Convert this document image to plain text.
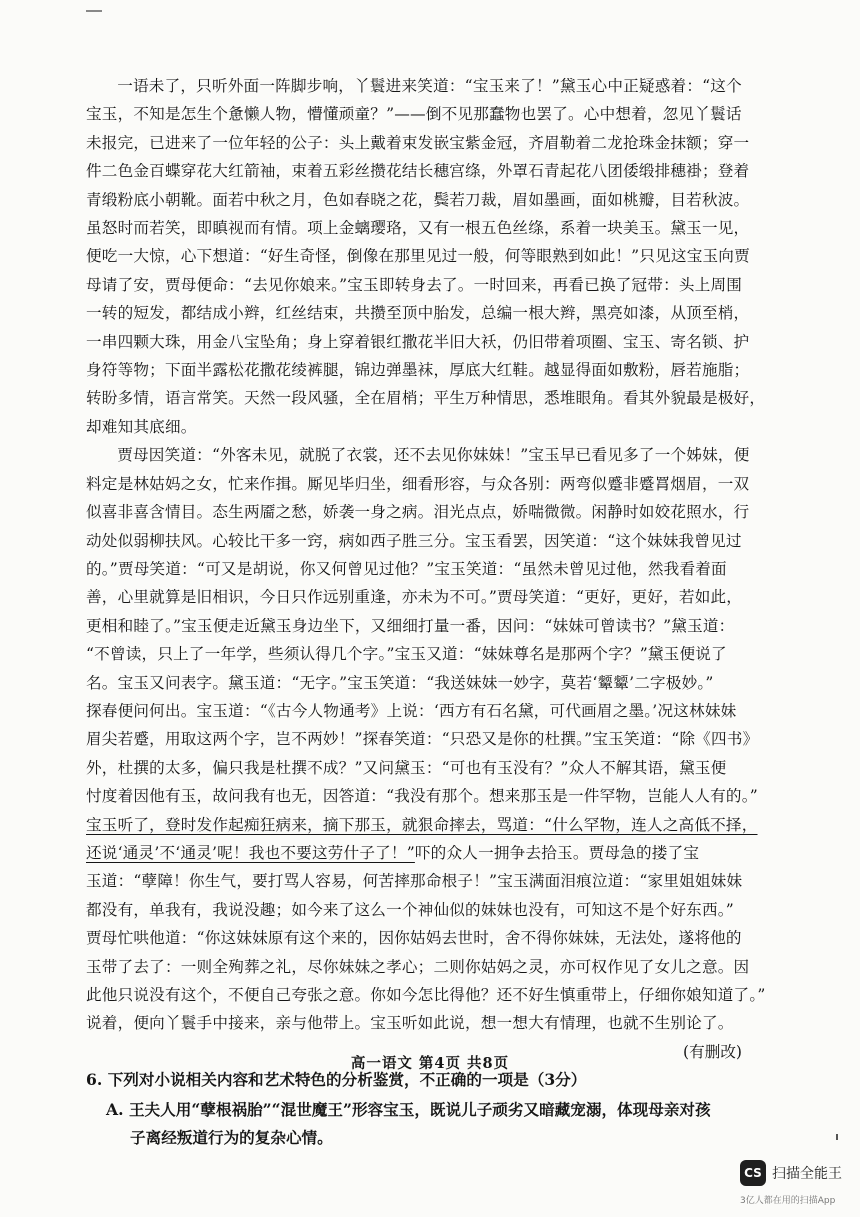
一语未了，只听外面一阵脚步响，丫鬟进来笑道：“宝玉来了！”黛玉心中正疑惑着：“这个
宝玉，不知是怎生个惫懒人物，懵懂顽童？”——倒不见那蠢物也罢了。心中想着，忽见丫鬟话
未报完，已进来了一位年轻的公子：头上戴着束发嵌宝紫金冠，齐眉勒着二龙抢珠金抹额；穿一
件二色金百蝶穿花大红箭袖，束着五彩丝攒花结长穗宫绦，外罩石青起花八团倭缎排穗褂；登着
青缎粉底小朝靴。面若中秋之月，色如春晓之花，鬓若刀裁，眉如墨画，面如桃瓣，目若秋波。
虽怒时而若笑，即瞋视而有情。项上金螭璎珞，又有一根五色丝绦，系着一块美玉。黛玉一见，
便吃一大惊，心下想道：“好生奇怪，倒像在那里见过一般，何等眼熟到如此！”只见这宝玉向贾
母请了安，贾母便命：“去见你娘来。”宝玉即转身去了。一时回来，再看已换了冠带：头上周围
一转的短发，都结成小辫，红丝结束，共攒至顶中胎发，总编一根大辫，黑亮如漆，从顶至梢，
一串四颗大珠，用金八宝坠角；身上穿着银红撒花半旧大袄，仍旧带着项圈、宝玉、寄名锁、护
身符等物；下面半露松花撒花绫裤腿，锦边弹墨袜，厚底大红鞋。越显得面如敷粉，唇若施脂；
转盼多情，语言常笑。天然一段风骚，全在眉梢；平生万种情思，悉堆眼角。看其外貌最是极好，
却难知其底细。

贾母因笑道：“外客未见，就脱了衣裳，还不去见你妹妹！”宝玉早已看见多了一个姊妹，便
料定是林姑妈之女，忙来作揖。厮见毕归坐，细看形容，与众各别：两弯似蹙非蹙罥烟眉，一双
似喜非喜含情目。态生两靥之愁，娇袭一身之病。泪光点点，娇喘微微。闲静时如姣花照水，行
动处似弱柳扶风。心较比干多一窍，病如西子胜三分。宝玉看罢，因笑道：“这个妹妹我曾见过
的。”贾母笑道：“可又是胡说，你又何曾见过他？”宝玉笑道：“虽然未曾见过他，然我看着面
善，心里就算是旧相识，今日只作远别重逢，亦未为不可。”贾母笑道：“更好，更好，若如此，
更相和睦了。”宝玉便走近黛玉身边坐下，又细细打量一番，因问：“妹妹可曾读书？”黛玉道：
“不曾读，只上了一年学，些须认得几个字。”宝玉又道：“妹妹尊名是那两个字？”黛玉便说了
名。宝玉又问表字。黛玉道：“无字。”宝玉笑道：“我送妹妹一妙字，莫若‘颦颦’二字极妙。”
探春便问何出。宝玉道：“《古今人物通考》上说：‘西方有石名黛，可代画眉之墨。’况这林妹妹
眉尖若蹙，用取这两个字，岂不两妙！”探春笑道：“只恐又是你的杜撰。”宝玉笑道：“除《四书》
外，杜撰的太多，偏只我是杜撰不成？”又问黛玉：“可也有玉没有？”众人不解其语，黛玉便
忖度着因他有玉，故问我有也无，因答道：“我没有那个。想来那玉是一件罕物，岂能人人有的。”
宝玉听了，登时发作起痴狂病来，摘下那玉，就狠命摔去，骂道：“什么罕物，连人之高低不择，
还说‘通灵’不‘通灵’呢！我也不要这劳什子了！”吓的众人一拥争去拾玉。贾母急的搂了宝
玉道：“孽障！你生气，要打骂人容易，何苦摔那命根子！”宝玉满面泪痕泣道：“家里姐姐妹妹
都没有，单我有，我说没趣；如今来了这么一个神仙似的妹妹也没有，可知这不是个好东西。”
贾母忙哄他道：“你这妹妹原有这个来的，因你姑妈去世时，舍不得你妹妹，无法处，遂将他的
玉带了去了：一则全殉葬之礼，尽你妹妹之孝心；二则你姑妈之灵，亦可权作见了女儿之意。因
此他只说没有这个，不便自己夸张之意。你如今怎比得他？还不好生慎重带上，仔细你娘知道了。”
说着，便向丫鬟手中接来，亲与他带上。宝玉听如此说，想一想大有情理，也就不生别论了。

(有删改)

6. 下列对小说相关内容和艺术特色的分析鉴赏，不正确的一项是（3分）

A. 王夫人用“孽根祸胎”“混世魔王”形容宝玉，既说儿子顽劣又暗藏宠溺，体现母亲对孩
子离经叛道行为的复杂心情。

高一语文 第4页 共8页
CS 扫描全能王
3亿人都在用的扫描App
